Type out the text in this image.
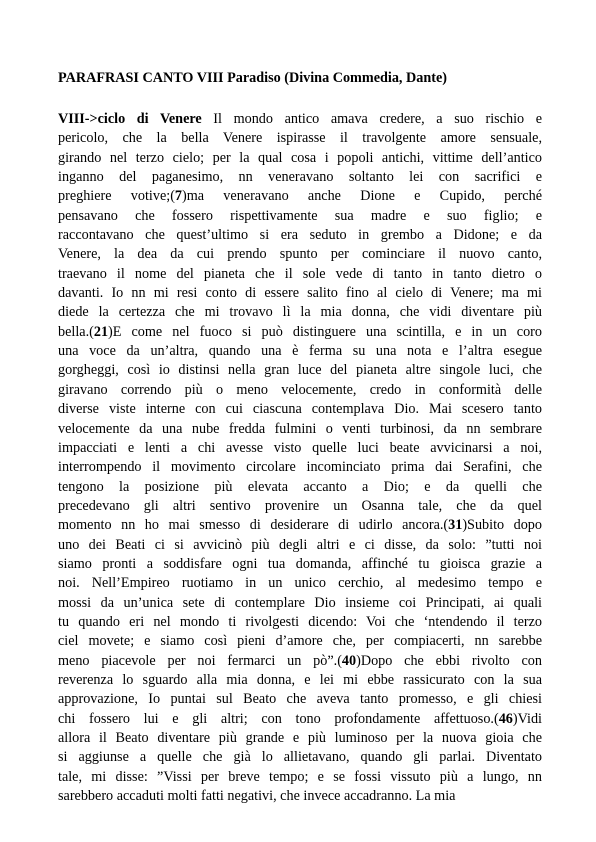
PARAFRASI CANTO VIII Paradiso (Divina Commedia, Dante)
VIII->ciclo di Venere Il mondo antico amava credere, a suo rischio e
pericolo, che la bella Venere ispirasse il travolgente amore sensuale,
girando nel terzo cielo; per la qual cosa i popoli antichi, vittime dell’antico
inganno del paganesimo, nn veneravano soltanto lei con sacrifici e
preghiere votive;(7)ma veneravano anche Dione e Cupido, perché
pensavano che fossero rispettivamente sua madre e suo figlio; e
raccontavano che quest’ultimo si era seduto in grembo a Didone; e da
Venere, la dea da cui prendo spunto per cominciare il nuovo canto,
traevano il nome del pianeta che il sole vede di tanto in tanto dietro o
davanti. Io nn mi resi conto di essere salito fino al cielo di Venere; ma mi
diede la certezza che mi trovavo lì la mia donna, che vidi diventare più
bella.(21)E come nel fuoco si può distinguere una scintilla, e in un coro
una voce da un’altra, quando una è ferma su una nota e l’altra esegue
gorgheggi, così io distinsi nella gran luce del pianeta altre singole luci, che
giravano correndo più o meno velocemente, credo in conformità delle
diverse viste interne con cui ciascuna contemplava Dio. Mai scesero tanto
velocemente da una nube fredda fulmini o venti turbinosi, da nn sembrare
impacciati e lenti a chi avesse visto quelle luci beate avvicinarsi a noi,
interrompendo il movimento circolare incominciato prima dai Serafini, che
tengono la posizione più elevata accanto a Dio; e da quelli che
precedevano gli altri sentivo provenire un Osanna tale, che da quel
momento nn ho mai smesso di desiderare di udirlo ancora.(31)Subito dopo
uno dei Beati ci si avvicinò più degli altri e ci disse, da solo: ”tutti noi
siamo pronti a soddisfare ogni tua domanda, affinché tu gioisca grazie a
noi. Nell’Empireo ruotiamo in un unico cerchio, al medesimo tempo e
mossi da un’unica sete di contemplare Dio insieme coi Principati, ai quali
tu quando eri nel mondo ti rivolgesti dicendo: Voi che ‘ntendendo il terzo
ciel movete; e siamo così pieni d’amore che, per compiacerti, nn sarebbe
meno piacevole per noi fermarci un pò”.(40)Dopo che ebbi rivolto con
reverenza lo sguardo alla mia donna, e lei mi ebbe rassicurato con la sua
approvazione, Io puntai sul Beato che aveva tanto promesso, e gli chiesi
chi fossero lui e gli altri; con tono profondamente affettuoso.(46)Vidi
allora il Beato diventare più grande e più luminoso per la nuova gioia che
si aggiunse a quelle che già lo allietavano, quando gli parlai. Diventato
tale, mi disse: ”Vissi per breve tempo; e se fossi vissuto più a lungo, nn
sarebbero accaduti molti fatti negativi, che invece accadranno. La mia
